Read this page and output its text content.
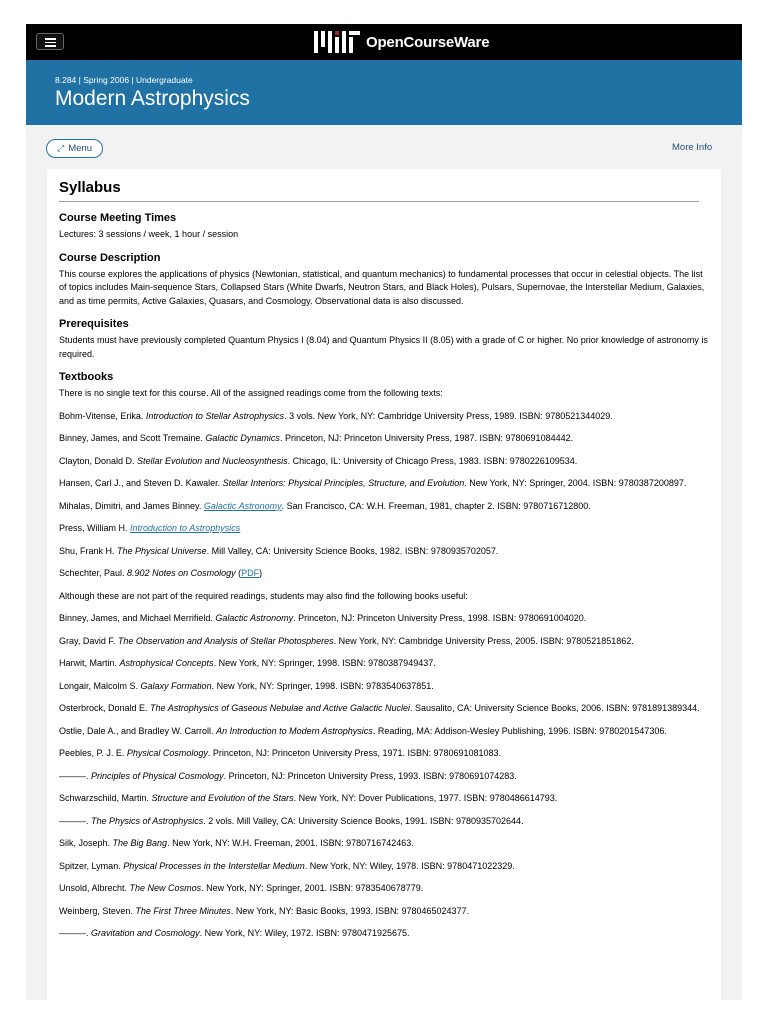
OpenCourseWare
8.284 | Spring 2006 | Undergraduate
Modern Astrophysics
⤢ Menu	More Info
Syllabus
Course Meeting Times

Lectures: 3 sessions / week, 1 hour / session

Course Description

This course explores the applications of physics (Newtonian, statistical, and quantum mechanics) to fundamental processes that occur in celestial objects. The list of topics includes Main-sequence Stars, Collapsed Stars (White Dwarfs, Neutron Stars, and Black Holes), Pulsars, Supernovae, the Interstellar Medium, Galaxies, and as time permits, Active Galaxies, Quasars, and Cosmology. Observational data is also discussed.

Prerequisites

Students must have previously completed Quantum Physics I (8.04) and Quantum Physics II (8.05) with a grade of C or higher. No prior knowledge of astronomy is required.

Textbooks

There is no single text for this course. All of the assigned readings come from the following texts:

Bohm-Vitense, Erika. Introduction to Stellar Astrophysics. 3 vols. New York, NY: Cambridge University Press, 1989. ISBN: 9780521344029.

Binney, James, and Scott Tremaine. Galactic Dynamics. Princeton, NJ: Princeton University Press, 1987. ISBN: 9780691084442.

Clayton, Donald D. Stellar Evolution and Nucleosynthesis. Chicago, IL: University of Chicago Press, 1983. ISBN: 9780226109534.

Hansen, Carl J., and Steven D. Kawaler. Stellar Interiors: Physical Principles, Structure, and Evolution. New York, NY: Springer, 2004. ISBN: 9780387200897.

Mihalas, Dimitri, and James Binney. Galactic Astronomy. San Francisco, CA: W.H. Freeman, 1981, chapter 2. ISBN: 9780716712800.

Press, William H. Introduction to Astrophysics

Shu, Frank H. The Physical Universe. Mill Valley, CA: University Science Books, 1982. ISBN: 9780935702057.

Schechter, Paul. 8.902 Notes on Cosmology (PDF)

Although these are not part of the required readings, students may also find the following books useful:

Binney, James, and Michael Merrifield. Galactic Astronomy. Princeton, NJ: Princeton University Press, 1998. ISBN: 9780691004020.

Gray, David F. The Observation and Analysis of Stellar Photospheres. New York, NY: Cambridge University Press, 2005. ISBN: 9780521851862.

Harwit, Martin. Astrophysical Concepts. New York, NY: Springer, 1998. ISBN: 9780387949437.

Longair, Malcolm S. Galaxy Formation. New York, NY: Springer, 1998. ISBN: 9783540637851.

Osterbrock, Donald E. The Astrophysics of Gaseous Nebulae and Active Galactic Nuclei. Sausalito, CA: University Science Books, 2006. ISBN: 9781891389344.

Ostlie, Dale A., and Bradley W. Carroll. An Introduction to Modern Astrophysics. Reading, MA: Addison-Wesley Publishing, 1996. ISBN: 9780201547306.

Peebles, P. J. E. Physical Cosmology. Princeton, NJ: Princeton University Press, 1971. ISBN: 9780691081083.

———. Principles of Physical Cosmology. Princeton, NJ: Princeton University Press, 1993. ISBN: 9780691074283.

Schwarzschild, Martin. Structure and Evolution of the Stars. New York, NY: Dover Publications, 1977. ISBN: 9780486614793.

———. The Physics of Astrophysics. 2 vols. Mill Valley, CA: University Science Books, 1991. ISBN: 9780935702644.

Silk, Joseph. The Big Bang. New York, NY: W.H. Freeman, 2001. ISBN: 9780716742463.

Spitzer, Lyman. Physical Processes in the Interstellar Medium. New York, NY: Wiley, 1978. ISBN: 9780471022329.

Unsold, Albrecht. The New Cosmos. New York, NY: Springer, 2001. ISBN: 9783540678779.

Weinberg, Steven. The First Three Minutes. New York, NY: Basic Books, 1993. ISBN: 9780465024377.

———. Gravitation and Cosmology. New York, NY: Wiley, 1972. ISBN: 9780471925675.
